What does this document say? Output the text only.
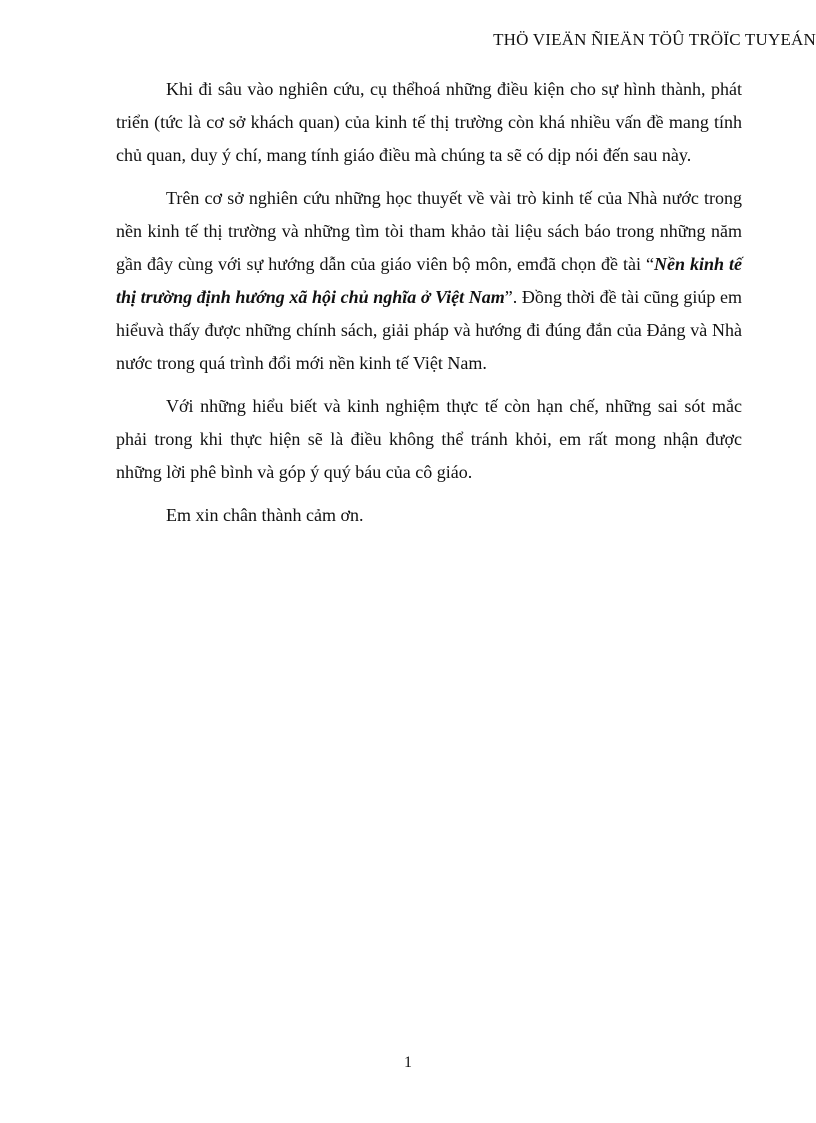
THÖ VIEÄN ÑIEÄN TÖÛ TRÖÏC TUYEÁN

Khi đi sâu vào nghiên cứu, cụ thểhoá những điều kiện cho sự hình thành, phát triển (tức là cơ sở khách quan) của kinh tế thị trường còn khá nhiều vấn đề mang tính chủ quan, duy ý chí, mang tính giáo điều mà chúng ta sẽ có dịp nói đến sau này.

Trên cơ sở nghiên cứu những học thuyết về vài trò kinh tế của Nhà nước trong nền kinh tế thị trường và những tìm tòi tham khảo tài liệu sách báo trong những năm gần đây cùng với sự hướng dẫn của giáo viên bộ môn, emđã chọn đề tài “Nền kinh tế thị trường định hướng xã hội chủ nghĩa ở Việt Nam”. Đồng thời đề tài cũng giúp em hiểuvà thấy được những chính sách, giải pháp và hướng đi đúng đắn của Đảng và Nhà nước trong quá trình đổi mới nền kinh tế Việt Nam.

Với những hiểu biết và kinh nghiệm thực tế còn hạn chế, những sai sót mắc phải trong khi thực hiện sẽ là điều không thể tránh khỏi, em rất mong nhận được những lời phê bình và góp ý quý báu của cô giáo.

Em xin chân thành cảm ơn.

1
